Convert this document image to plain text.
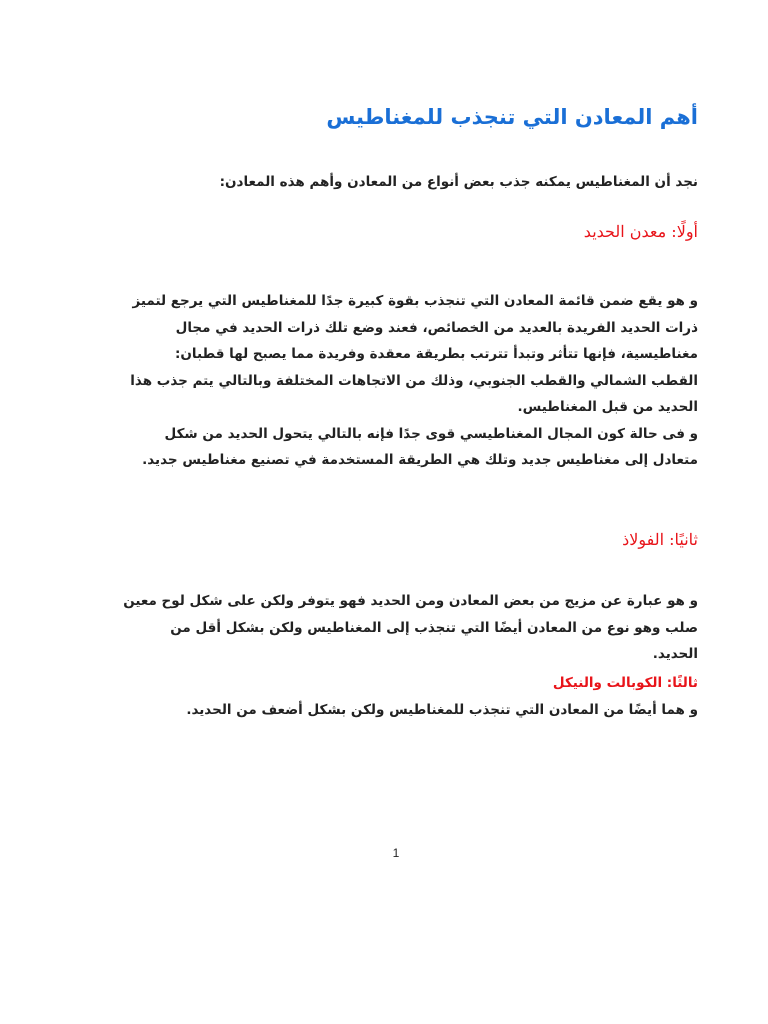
أهم المعادن التي تنجذب للمغناطيس
نجد أن المغناطيس يمكنه جذب بعض أنواع من المعادن وأهم هذه المعادن:
أولًا: معدن الحديد
و هو يقع ضمن قائمة المعادن التي تنجذب بقوة كبيرة جدًا للمغناطيس التي يرجع لتميز
ذرات الحديد الفريدة بالعديد من الخصائص، فعند وضع تلك ذرات الحديد في مجال
مغناطيسية، فإنها تتأثر وتبدأ تترتب بطريقة معقدة وفريدة مما يصبح لها قطبان:
القطب الشمالي والقطب الجنوبي، وذلك من الاتجاهات المختلفة وبالتالي يتم جذب هذا
الحديد من قبل المغناطيس.
و فى حالة كون المجال المغناطيسي قوى جدًا فإنه بالتالي يتحول الحديد من شكل
متعادل إلى مغناطيس جديد وتلك هي الطريقة المستخدمة في تصنيع مغناطيس جديد.
ثانيًا: الفولاذ
و هو عبارة عن مزيج من بعض المعادن ومن الحديد فهو يتوفر ولكن على شكل لوح معين
صلب وهو نوع من المعادن أيضًا التي تنجذب إلى المغناطيس ولكن بشكل أقل من
الحديد.
ثالثًا: الكوبالت والنيكل
و هما أيضًا من المعادن التي تنجذب للمغناطيس ولكن بشكل أضعف من الحديد.
1
